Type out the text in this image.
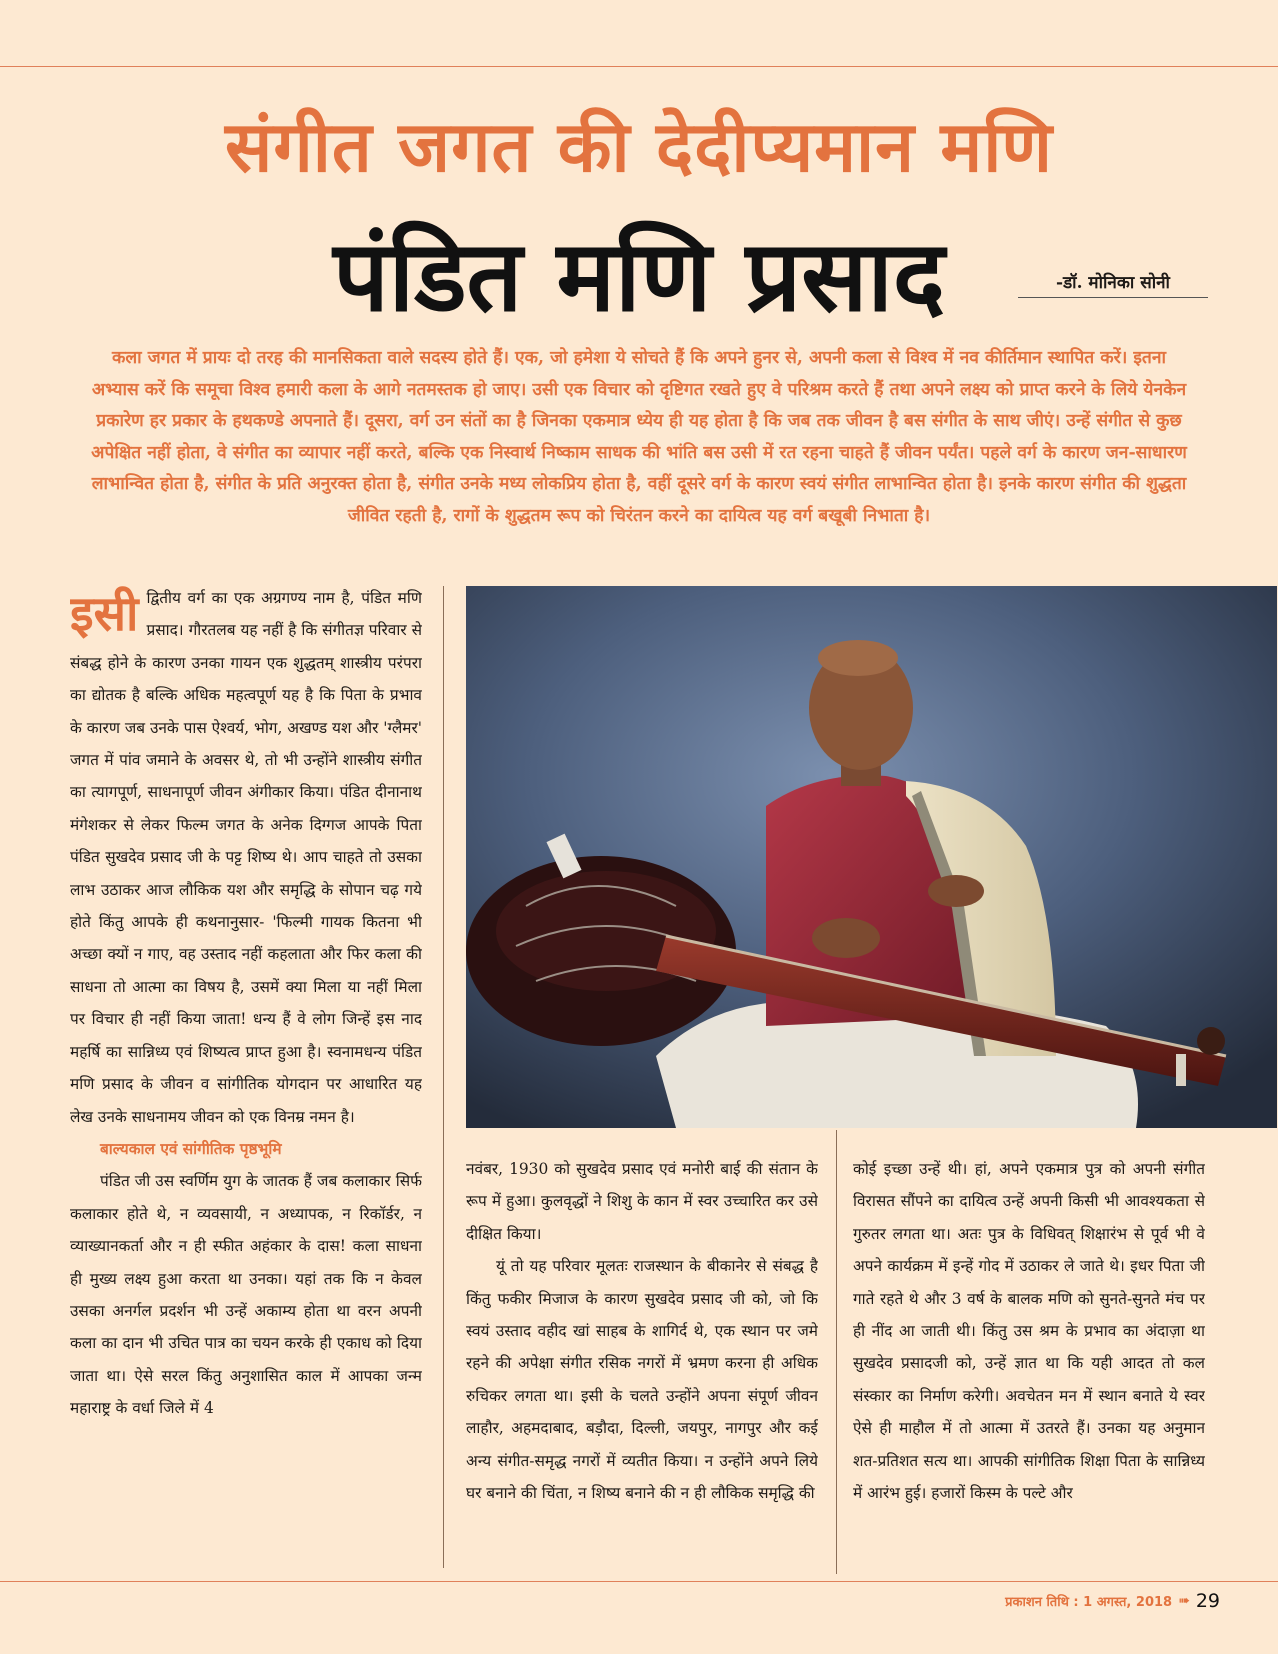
संगीत जगत की देदीप्यमान मणि
पंडित मणि प्रसाद	-डॉ. मोनिका सोनी
कला जगत में प्रायः दो तरह की मानसिकता वाले सदस्य होते हैं। एक, जो हमेशा ये सोचते हैं कि अपने हुनर से, अपनी कला से विश्व में नव कीर्तिमान स्थापित करें। इतना अभ्यास करें कि समूचा विश्व हमारी कला के आगे नतमस्तक हो जाए। उसी एक विचार को दृष्टिगत रखते हुए वे परिश्रम करते हैं तथा अपने लक्ष्य को प्राप्त करने के लिये येनकेन प्रकारेण हर प्रकार के हथकण्डे अपनाते हैं। दूसरा, वर्ग उन संतों का है जिनका एकमात्र ध्येय ही यह होता है कि जब तक जीवन है बस संगीत के साथ जीएं। उन्हें संगीत से कुछ अपेक्षित नहीं होता, वे संगीत का व्यापार नहीं करते, बल्कि एक निस्वार्थ निष्काम साधक की भांति बस उसी में रत रहना चाहते हैं जीवन पर्यंत। पहले वर्ग के कारण जन-साधारण लाभान्वित होता है, संगीत के प्रति अनुरक्त होता है, संगीत उनके मध्य लोकप्रिय होता है, वहीं दूसरे वर्ग के कारण स्वयं संगीत लाभान्वित होता है। इनके कारण संगीत की शुद्धता जीवित रहती है, रागों के शुद्धतम रूप को चिरंतन करने का दायित्व यह वर्ग बखूबी निभाता है।
इसी द्वितीय वर्ग का एक अग्रगण्य नाम है, पंडित मणि प्रसाद। गौरतलब यह नहीं है कि संगीतज्ञ परिवार से संबद्ध होने के कारण उनका गायन एक शुद्धतम् शास्त्रीय परंपरा का द्योतक है बल्कि अधिक महत्वपूर्ण यह है कि पिता के प्रभाव के कारण जब उनके पास ऐश्वर्य, भोग, अखण्ड यश और 'ग्लैमर' जगत में पांव जमाने के अवसर थे, तो भी उन्होंने शास्त्रीय संगीत का त्यागपूर्ण, साधनापूर्ण जीवन अंगीकार किया। पंडित दीनानाथ मंगेशकर से लेकर फिल्म जगत के अनेक दिग्गज आपके पिता पंडित सुखदेव प्रसाद जी के पट्ट शिष्य थे। आप चाहते तो उसका लाभ उठाकर आज लौकिक यश और समृद्धि के सोपान चढ़ गये होते किंतु आपके ही कथनानुसार- 'फिल्मी गायक कितना भी अच्छा क्यों न गाए, वह उस्ताद नहीं कहलाता और फिर कला की साधना तो आत्मा का विषय है, उसमें क्या मिला या नहीं मिला पर विचार ही नहीं किया जाता! धन्य हैं वे लोग जिन्हें इस नाद महर्षि का सान्निध्य एवं शिष्यत्व प्राप्त हुआ है। स्वनामधन्य पंडित मणि प्रसाद के जीवन व सांगीतिक योगदान पर आधारित यह लेख उनके साधनामय जीवन को एक विनम्र नमन है।

बाल्यकाल एवं सांगीतिक पृष्ठभूमि

पंडित जी उस स्वर्णिम युग के जातक हैं जब कलाकार सिर्फ कलाकार होते थे, न व्यवसायी, न अध्यापक, न रिकॉर्डर, न व्याख्यानकर्ता और न ही स्फीत अहंकार के दास! कला साधना ही मुख्य लक्ष्य हुआ करता था उनका। यहां तक कि न केवल उसका अनर्गल प्रदर्शन भी उन्हें अकाम्य होता था वरन अपनी कला का दान भी उचित पात्र का चयन करके ही एकाध को दिया जाता था। ऐसे सरल किंतु अनुशासित काल में आपका जन्म महाराष्ट्र के वर्धा जिले में 4

नवंबर, 1930 को सुखदेव प्रसाद एवं मनोरी बाई की संतान के रूप में हुआ। कुलवृद्धों ने शिशु के कान में स्वर उच्चारित कर उसे दीक्षित किया।

यूं तो यह परिवार मूलतः राजस्थान के बीकानेर से संबद्ध है किंतु फकीर मिजाज के कारण सुखदेव प्रसाद जी को, जो कि स्वयं उस्ताद वहीद खां साहब के शागिर्द थे, एक स्थान पर जमे रहने की अपेक्षा संगीत रसिक नगरों में भ्रमण करना ही अधिक रुचिकर लगता था। इसी के चलते उन्होंने अपना संपूर्ण जीवन लाहौर, अहमदाबाद, बड़ौदा, दिल्ली, जयपुर, नागपुर और कई अन्य संगीत-समृद्ध नगरों में व्यतीत किया। न उन्होंने अपने लिये घर बनाने की चिंता, न शिष्य बनाने की न ही लौकिक समृद्धि की

कोई इच्छा उन्हें थी। हां, अपने एकमात्र पुत्र को अपनी संगीत विरासत सौंपने का दायित्व उन्हें अपनी किसी भी आवश्यकता से गुरुतर लगता था। अतः पुत्र के विधिवत् शिक्षारंभ से पूर्व भी वे अपने कार्यक्रम में इन्हें गोद में उठाकर ले जाते थे। इधर पिता जी गाते रहते थे और 3 वर्ष के बालक मणि को सुनते-सुनते मंच पर ही नींद आ जाती थी। किंतु उस श्रम के प्रभाव का अंदाज़ा था सुखदेव प्रसादजी को, उन्हें ज्ञात था कि यही आदत तो कल संस्कार का निर्माण करेगी। अवचेतन मन में स्थान बनाते ये स्वर ऐसे ही माहौल में तो आत्मा में उतरते हैं। उनका यह अनुमान शत-प्रतिशत सत्य था। आपकी सांगीतिक शिक्षा पिता के सान्निध्य में आरंभ हुई। हजारों किस्म के पल्टे और

प्रकाशन तिथि : 1 अगस्त, 2018 ➠ 29
